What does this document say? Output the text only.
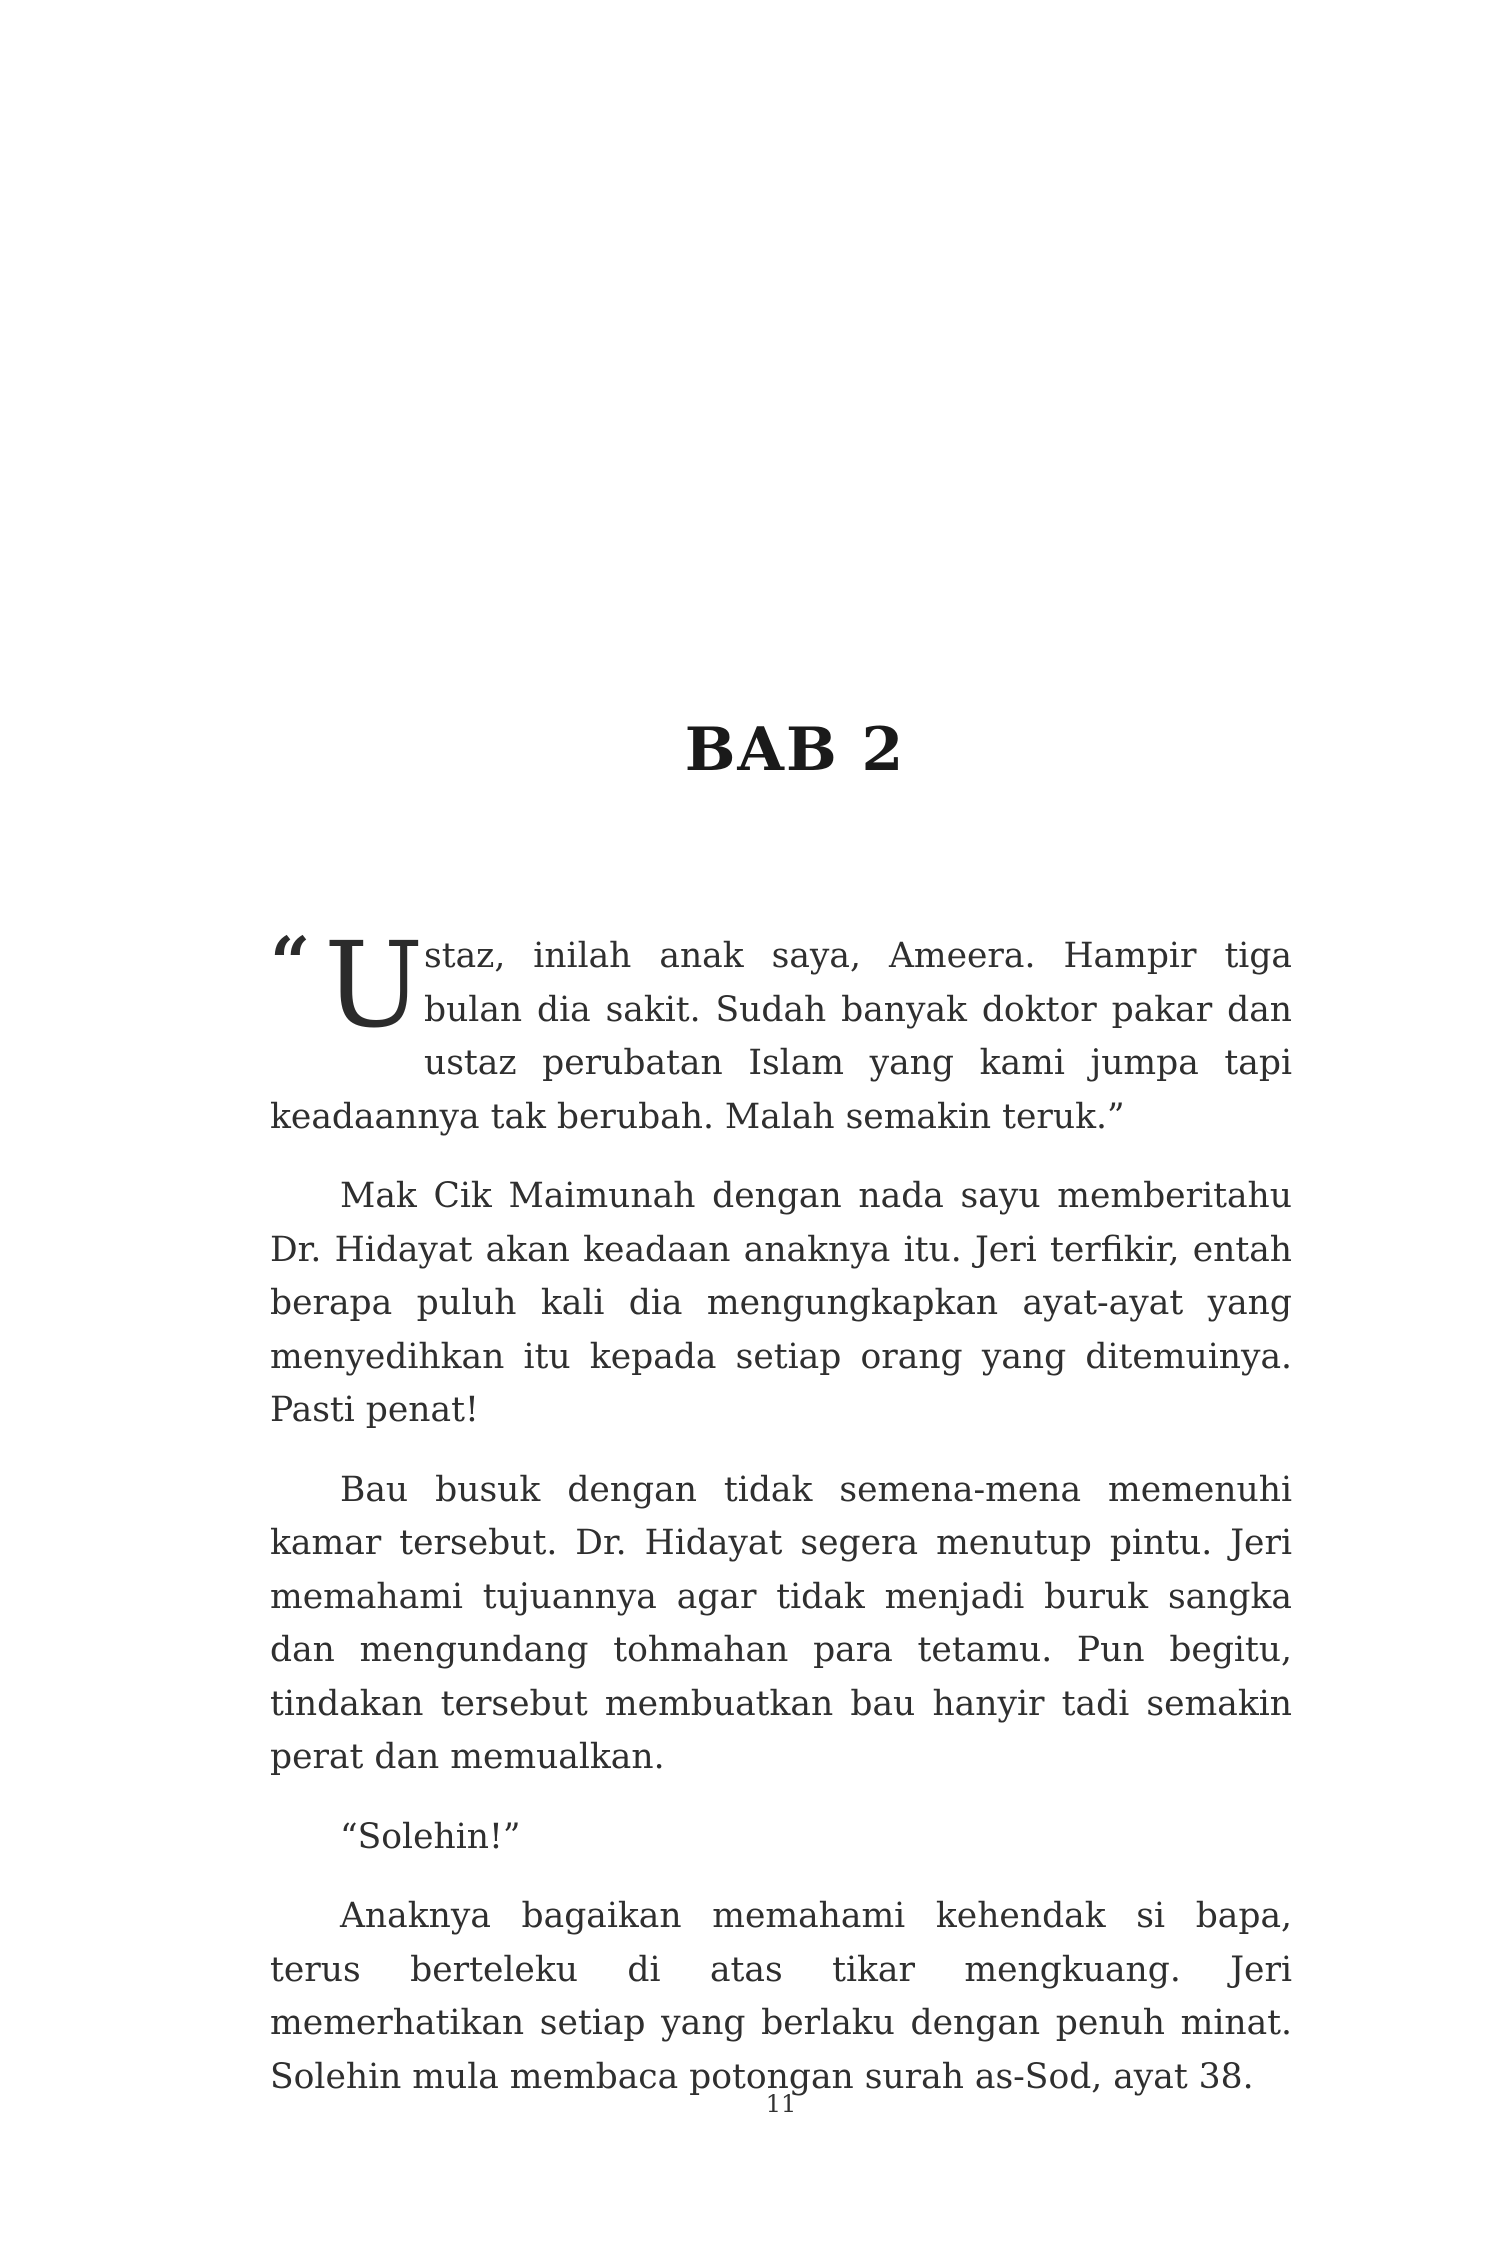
BAB 2

“ U staz, inilah anak saya, Ameera. Hampir tiga bulan dia sakit. Sudah banyak doktor pakar dan ustaz perubatan Islam yang kami jumpa tapi keadaannya tak berubah. Malah semakin teruk.”

Mak Cik Maimunah dengan nada sayu memberitahu Dr. Hidayat akan keadaan anaknya itu. Jeri terfikir, entah berapa puluh kali dia mengungkapkan ayat-ayat yang menyedihkan itu kepada setiap orang yang ditemuinya. Pasti penat!

Bau busuk dengan tidak semena-mena memenuhi kamar tersebut. Dr. Hidayat segera menutup pintu. Jeri memahami tujuannya agar tidak menjadi buruk sangka dan mengundang tohmahan para tetamu. Pun begitu, tindakan tersebut membuatkan bau hanyir tadi semakin perat dan memualkan.

“Solehin!”

Anaknya bagaikan memahami kehendak si bapa, terus berteleku di atas tikar mengkuang. Jeri memerhatikan setiap yang berlaku dengan penuh minat. Solehin mula membaca potongan surah as-Sod, ayat 38.

11
